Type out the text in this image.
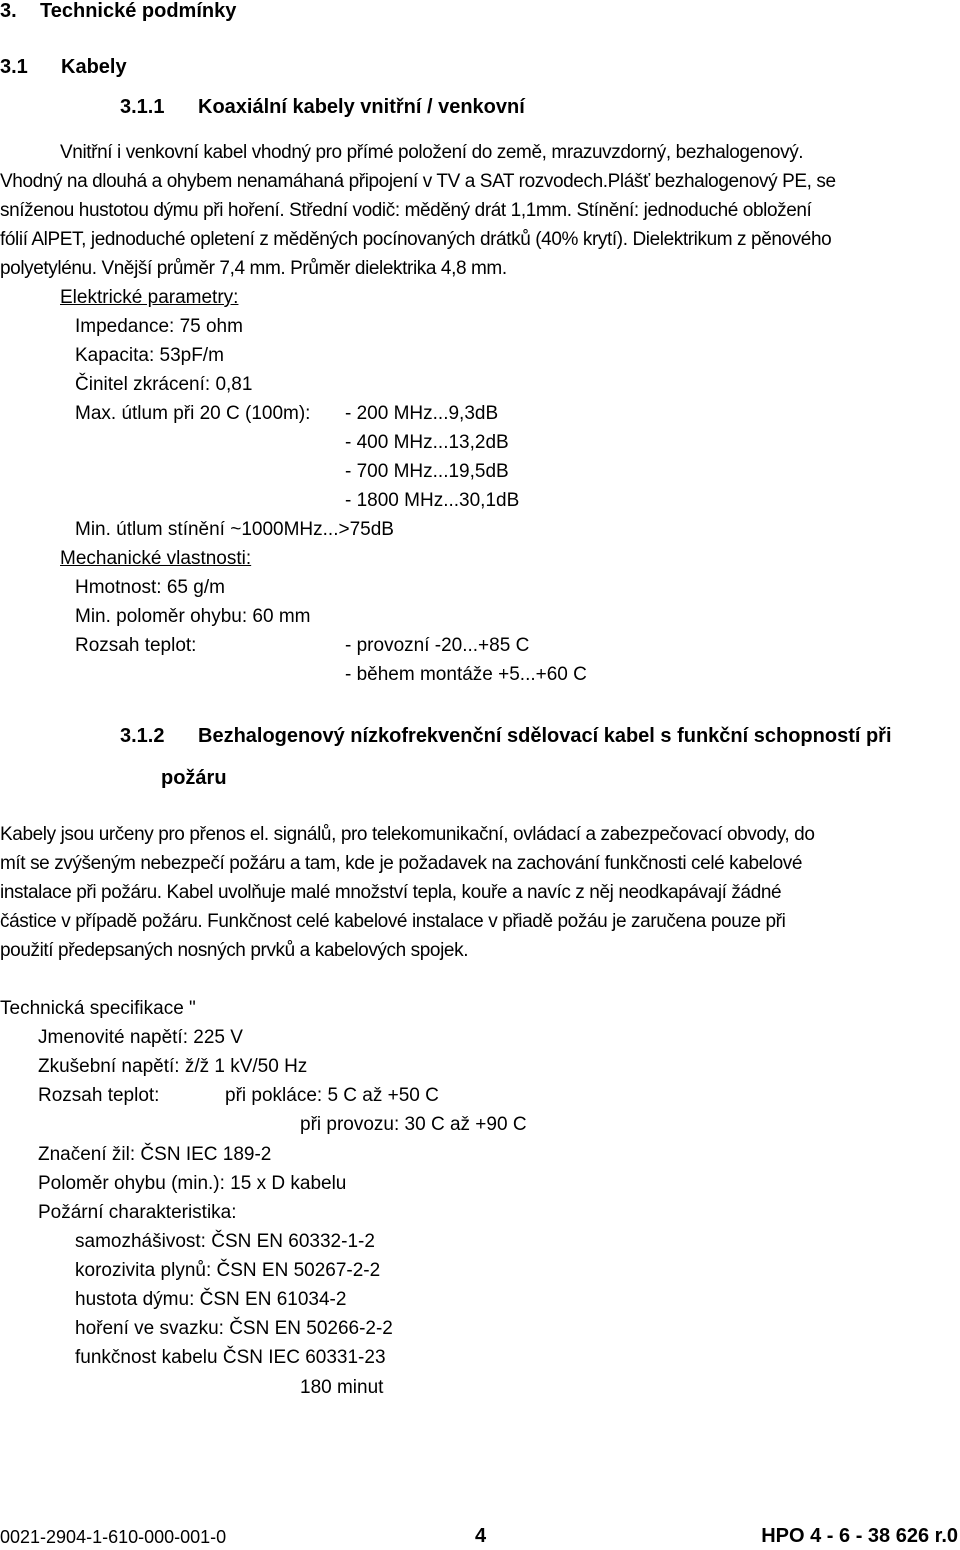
3. Technické podmínky
3.1 Kabely
3.1.1 Koaxiální kabely vnitřní / venkovní
Vnitřní i venkovní kabel vhodný pro přímé položení do země, mrazuvzdorný, bezhalogenový.
Vhodný na dlouhá a ohybem nenamáhaná připojení v TV a SAT rozvodech.Plášť bezhalogenový PE, se
sníženou hustotou dýmu při hoření. Střední vodič: měděný drát 1,1mm. Stínění: jednoduché obložení
fólií AlPET, jednoduché opletení z měděných pocínovaných drátků (40% krytí). Dielektrikum z pěnového
polyetylénu. Vnější průměr 7,4 mm. Průměr dielektrika 4,8 mm.
Elektrické parametry:
Impedance: 75 ohm
Kapacita: 53pF/m
Činitel zkrácení: 0,81
Max. útlum při 20 C (100m): - 200 MHz...9,3dB
- 400 MHz...13,2dB
- 700 MHz...19,5dB
- 1800 MHz...30,1dB
Min. útlum stínění ~1000MHz...>75dB
Mechanické vlastnosti:
Hmotnost: 65 g/m
Min. poloměr ohybu: 60 mm
Rozsah teplot:	- provozní -20...+85 C
- během montáže +5...+60 C
3.1.2 Bezhalogenový nízkofrekvenční sdělovací kabel s funkční schopností při
požáru
Kabely jsou určeny pro přenos el. signálů, pro telekomunikační, ovládací a zabezpečovací obvody, do
mít se zvýšeným nebezpečí požáru a tam, kde je požadavek na zachování funkčnosti celé kabelové
instalace při požáru. Kabel uvolňuje malé množství tepla, kouře a navíc z něj neodkapávají žádné
částice v případě požáru. Funkčnost celé kabelové instalace v přiadě požáu je zaručena pouze při
použití předepsaných nosných prvků a kabelových spojek.
Technická specifikace "
Jmenovité napětí: 225 V
Zkušební napětí: ž/ž 1 kV/50 Hz
Rozsah teplot:	při pokláce: 5 C až +50 C
při provozu: 30 C až +90 C
Značení žil: ČSN IEC 189-2
Poloměr ohybu (min.): 15 x D kabelu
Požární charakteristika:
samozhášivost: ČSN EN 60332-1-2
korozivita plynů: ČSN EN 50267-2-2
hustota dýmu: ČSN EN 61034-2
hoření ve svazku: ČSN EN 50266-2-2
funkčnost kabelu ČSN IEC 60331-23
180 minut
0021-2904-1-610-000-001-0	4	HPO 4 - 6 - 38 626 r.0
